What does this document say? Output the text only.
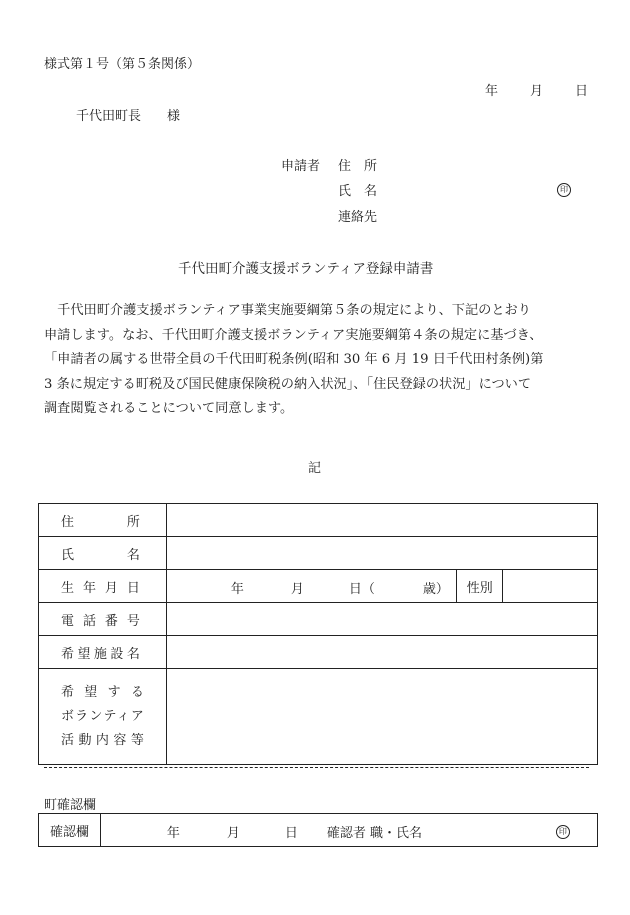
様式第１号（第５条関係）
年 月 日
千代田町長　　様
申請者 住　所
氏　名	印
連絡先
千代田町介護支援ボランティア登録申請書
　千代田町介護支援ボランティア事業実施要綱第５条の規定により、下記のとおり
申請します。なお、千代田町介護支援ボランティア実施要綱第４条の規定に基づき、
「申請者の属する世帯全員の千代田町税条例(昭和 30 年 6 月 19 日千代田村条例)第
3 条に規定する町税及び国民健康保険税の納入状況」、「住民登録の状況」について
調査閲覧されることについて同意します。
記
住所			
氏名			
生年月日	年 月 日（ 歳）	性別	
電話番号			
希望施設名			

希望する
ボランティア
活動内容等			

町確認欄
確認欄	年	月	日 確認者 職・氏名	印
